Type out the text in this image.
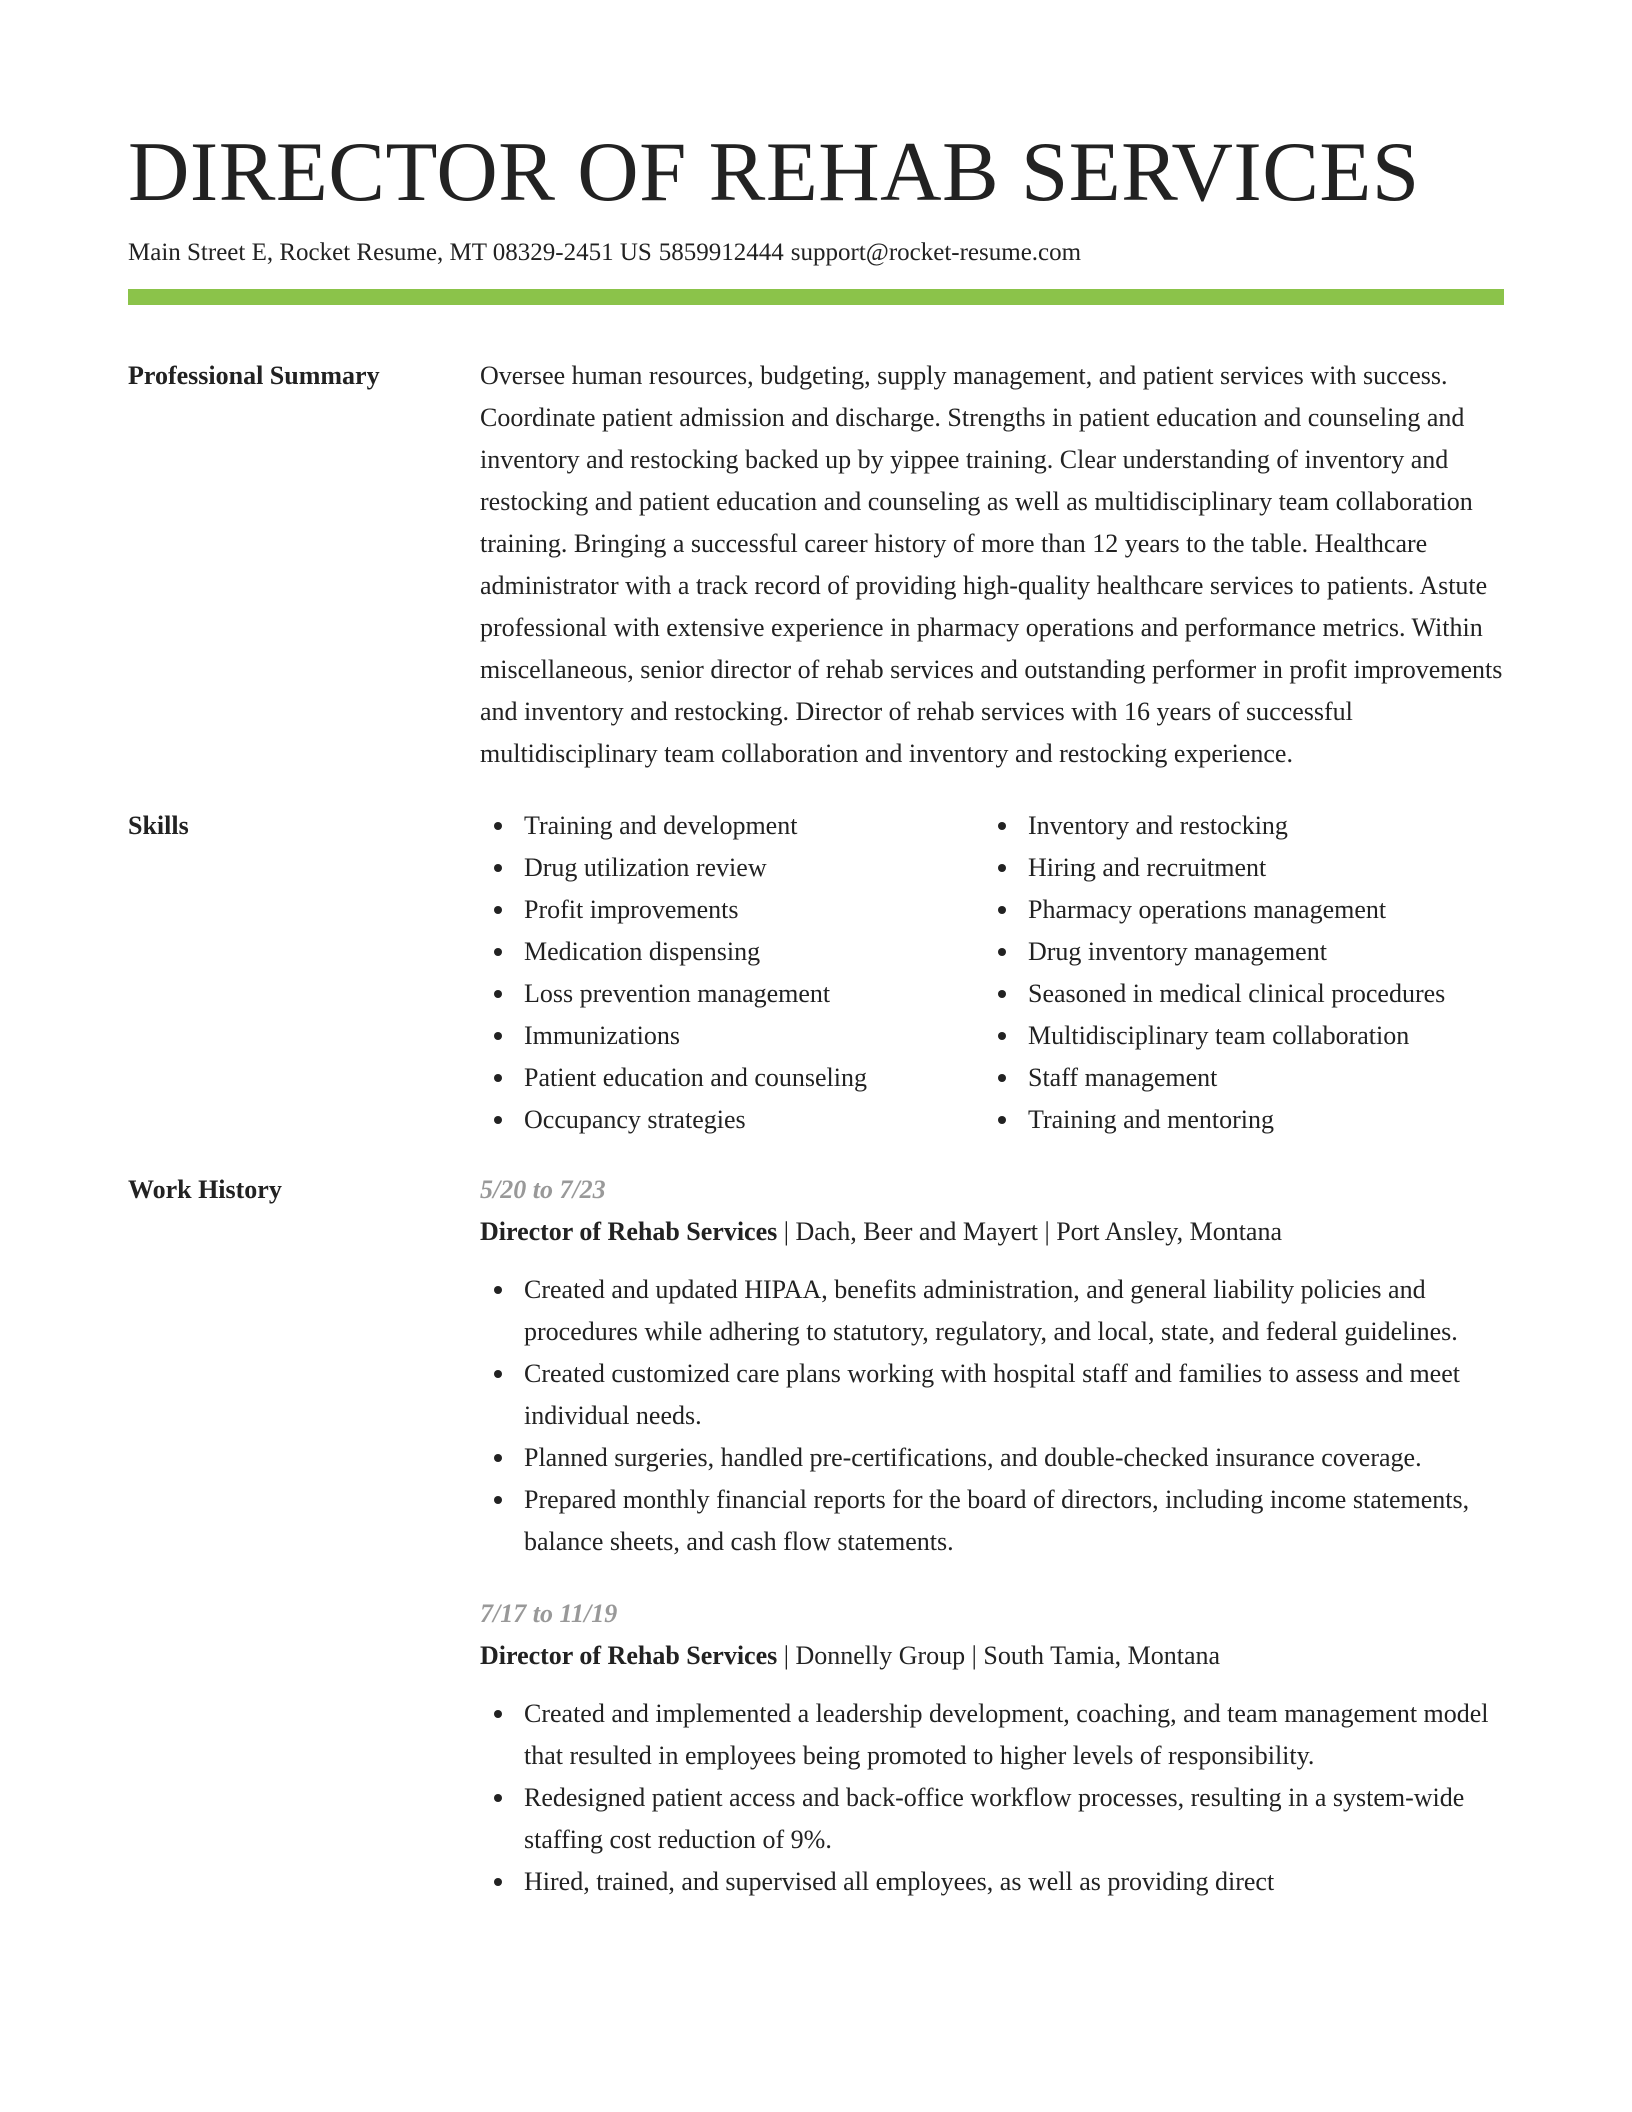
DIRECTOR OF REHAB SERVICES
Main Street E, Rocket Resume, MT 08329-2451 US 5859912444 support@rocket-resume.com
Professional Summary	Oversee human resources, budgeting, supply management, and patient services with success. Coordinate patient admission and discharge. Strengths in patient education and counseling and inventory and restocking backed up by yippee training. Clear understanding of inventory and restocking and patient education and counseling as well as multidisciplinary team collaboration training. Bringing a successful career history of more than 12 years to the table. Healthcare administrator with a track record of providing high-quality healthcare services to patients. Astute professional with extensive experience in pharmacy operations and performance metrics. Within miscellaneous, senior director of rehab services and outstanding performer in profit improvements and inventory and restocking. Director of rehab services with 16 years of successful multidisciplinary team collaboration and inventory and restocking experience.

Skills	Training and development
Drug utilization review
Profit improvements
Medication dispensing
Loss prevention management
Immunizations
Patient education and counseling
Occupancy strategies
Inventory and restocking
Hiring and recruitment
Pharmacy operations management
Drug inventory management
Seasoned in medical clinical procedures
Multidisciplinary team collaboration
Staff management
Training and mentoring
Work History	5/20 to 7/23
Director of Rehab Services | Dach, Beer and Mayert | Port Ansley, Montana
Created and updated HIPAA, benefits administration, and general liability policies and procedures while adhering to statutory, regulatory, and local, state, and federal guidelines.
Created customized care plans working with hospital staff and families to assess and meet individual needs.
Planned surgeries, handled pre-certifications, and double-checked insurance coverage.
Prepared monthly financial reports for the board of directors, including income statements, balance sheets, and cash flow statements.
7/17 to 11/19
Director of Rehab Services | Donnelly Group | South Tamia, Montana
Created and implemented a leadership development, coaching, and team management model that resulted in employees being promoted to higher levels of responsibility.
Redesigned patient access and back-office workflow processes, resulting in a system-wide staffing cost reduction of 9%.
Hired, trained, and supervised all employees, as well as providing direct
